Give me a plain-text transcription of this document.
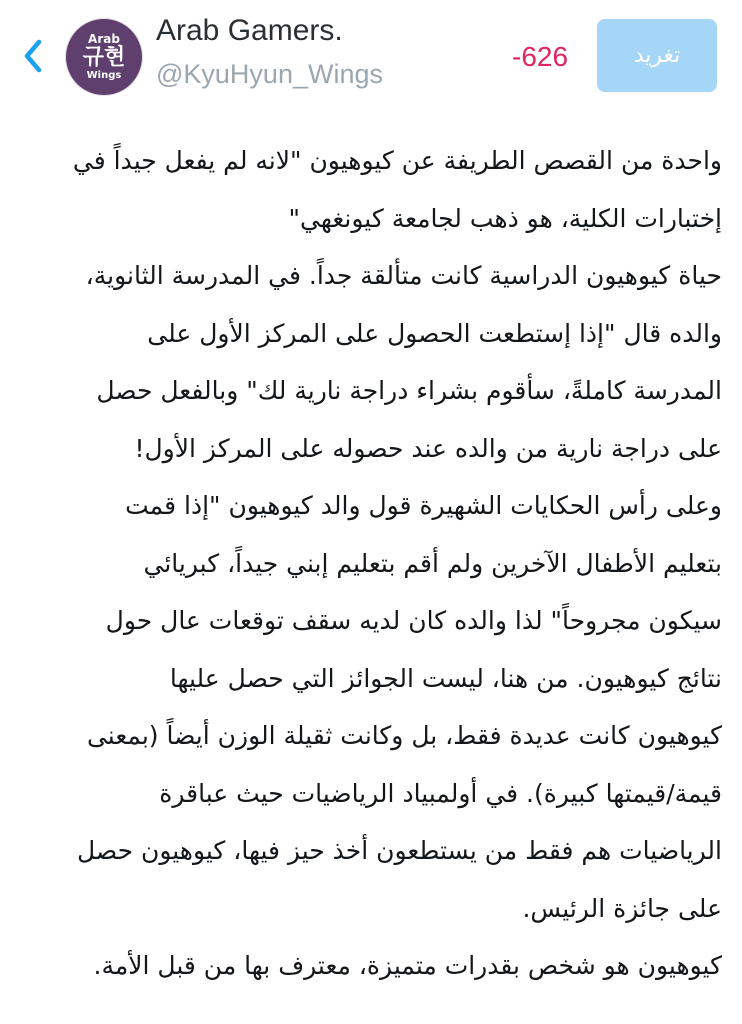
Arab
규현
Wings
Arab Gamers.
@KyuHyun_Wings
-626	تغريد
واحدة من القصص الطريفة عن كيوهيون "لانه لم يفعل جيداً في
إختبارات الكلية، هو ذهب لجامعة كيونغهي"
حياة كيوهيون الدراسية كانت متألقة جداً. في المدرسة الثانوية،
والده قال "إذا إستطعت الحصول على المركز الأول على
المدرسة كاملةً، سأقوم بشراء دراجة نارية لك" وبالفعل حصل
على دراجة نارية من والده عند حصوله على المركز الأول!
وعلى رأس الحكايات الشهيرة قول والد كيوهيون "إذا قمت
بتعليم الأطفال الآخرين ولم أقم بتعليم إبني جيداً، كبريائي
سيكون مجروحاً" لذا والده كان لديه سقف توقعات عال حول
نتائج كيوهيون. من هنا، ليست الجوائز التي حصل عليها
كيوهيون كانت عديدة فقط، بل وكانت ثقيلة الوزن أيضاً (بمعنى
قيمة/قيمتها كبيرة). في أولمبياد الرياضيات حيث عباقرة
الرياضيات هم فقط من يستطعون أخذ حيز فيها، كيوهيون حصل
على جائزة الرئيس.
كيوهيون هو شخص بقدرات متميزة، معترف بها من قبل الأمة.
